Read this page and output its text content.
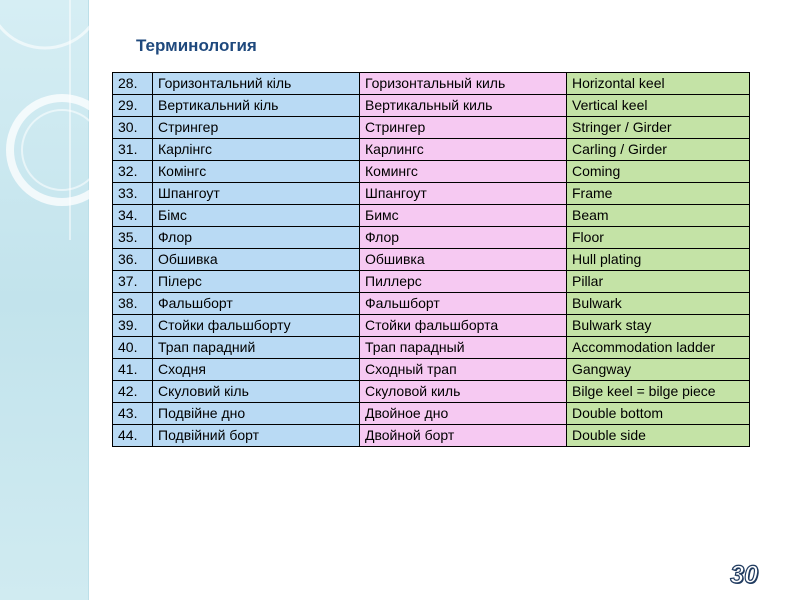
Терминология
28.	Горизонтальний кіль	Горизонтальный киль	Horizontal keel
29.	Вертикальний кіль	Вертикальный киль	Vertical keel
30.	Стрингер	Стрингер	Stringer / Girder
31.	Карлінгс	Карлингс	Carling / Girder
32.	Комінгс	Комингс	Coming
33.	Шпангоут	Шпангоут	Frame
34.	Бімс	Бимс	Beam
35.	Флор	Флор	Floor
36.	Обшивка	Обшивка	Hull plating
37.	Пілерс	Пиллерс	Pillar
38.	Фальшборт	Фальшборт	Bulwark
39.	Стойки фальшборту	Стойки фальшборта	Bulwark stay
40.	Трап парадний	Трап парадный	Accommodation ladder
41.	Сходня	Сходный трап	Gangway
42.	Скуловий кіль	Скуловой киль	Bilge keel = bilge piece
43.	Подвійне дно	Двойное дно	Double bottom
44.	Подвійний борт	Двойной борт	Double side
30
